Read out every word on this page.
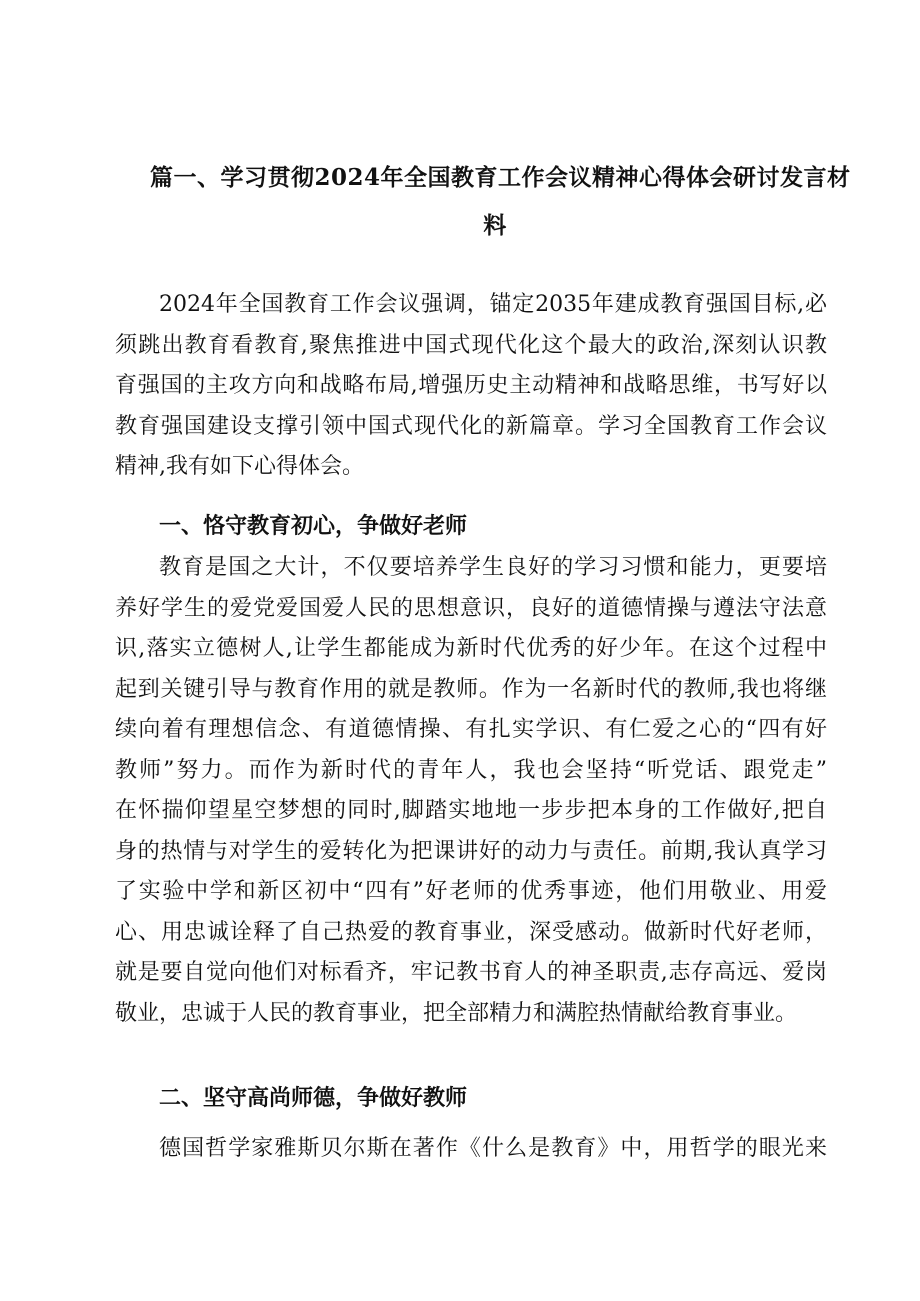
篇一、学习贯彻2024年全国教育工作会议精神心得体会研讨发言材
料
2024年全国教育工作会议强调，锚定2035年建成教育强国目标,必
须跳出教育看教育,聚焦推进中国式现代化这个最大的政治,深刻认识教
育强国的主攻方向和战略布局,增强历史主动精神和战略思维，书写好以
教育强国建设支撑引领中国式现代化的新篇章。学习全国教育工作会议
精神,我有如下心得体会。
一、恪守教育初心，争做好老师
教育是国之大计，不仅要培养学生良好的学习习惯和能力，更要培
养好学生的爱党爱国爱人民的思想意识，良好的道德情操与遵法守法意
识,落实立德树人,让学生都能成为新时代优秀的好少年。在这个过程中
起到关键引导与教育作用的就是教师。作为一名新时代的教师,我也将继
续向着有理想信念、有道德情操、有扎实学识、有仁爱之心的“四有好
教师”努力。而作为新时代的青年人，我也会坚持“听党话、跟党走”
在怀揣仰望星空梦想的同时,脚踏实地地一步步把本身的工作做好,把自
身的热情与对学生的爱转化为把课讲好的动力与责任。前期,我认真学习
了实验中学和新区初中“四有”好老师的优秀事迹，他们用敬业、用爱
心、用忠诚诠释了自己热爱的教育事业，深受感动。做新时代好老师，
就是要自觉向他们对标看齐，牢记教书育人的神圣职责,志存高远、爱岗
敬业，忠诚于人民的教育事业，把全部精力和满腔热情献给教育事业。
二、坚守高尚师德，争做好教师
德国哲学家雅斯贝尔斯在著作《什么是教育》中，用哲学的眼光来
